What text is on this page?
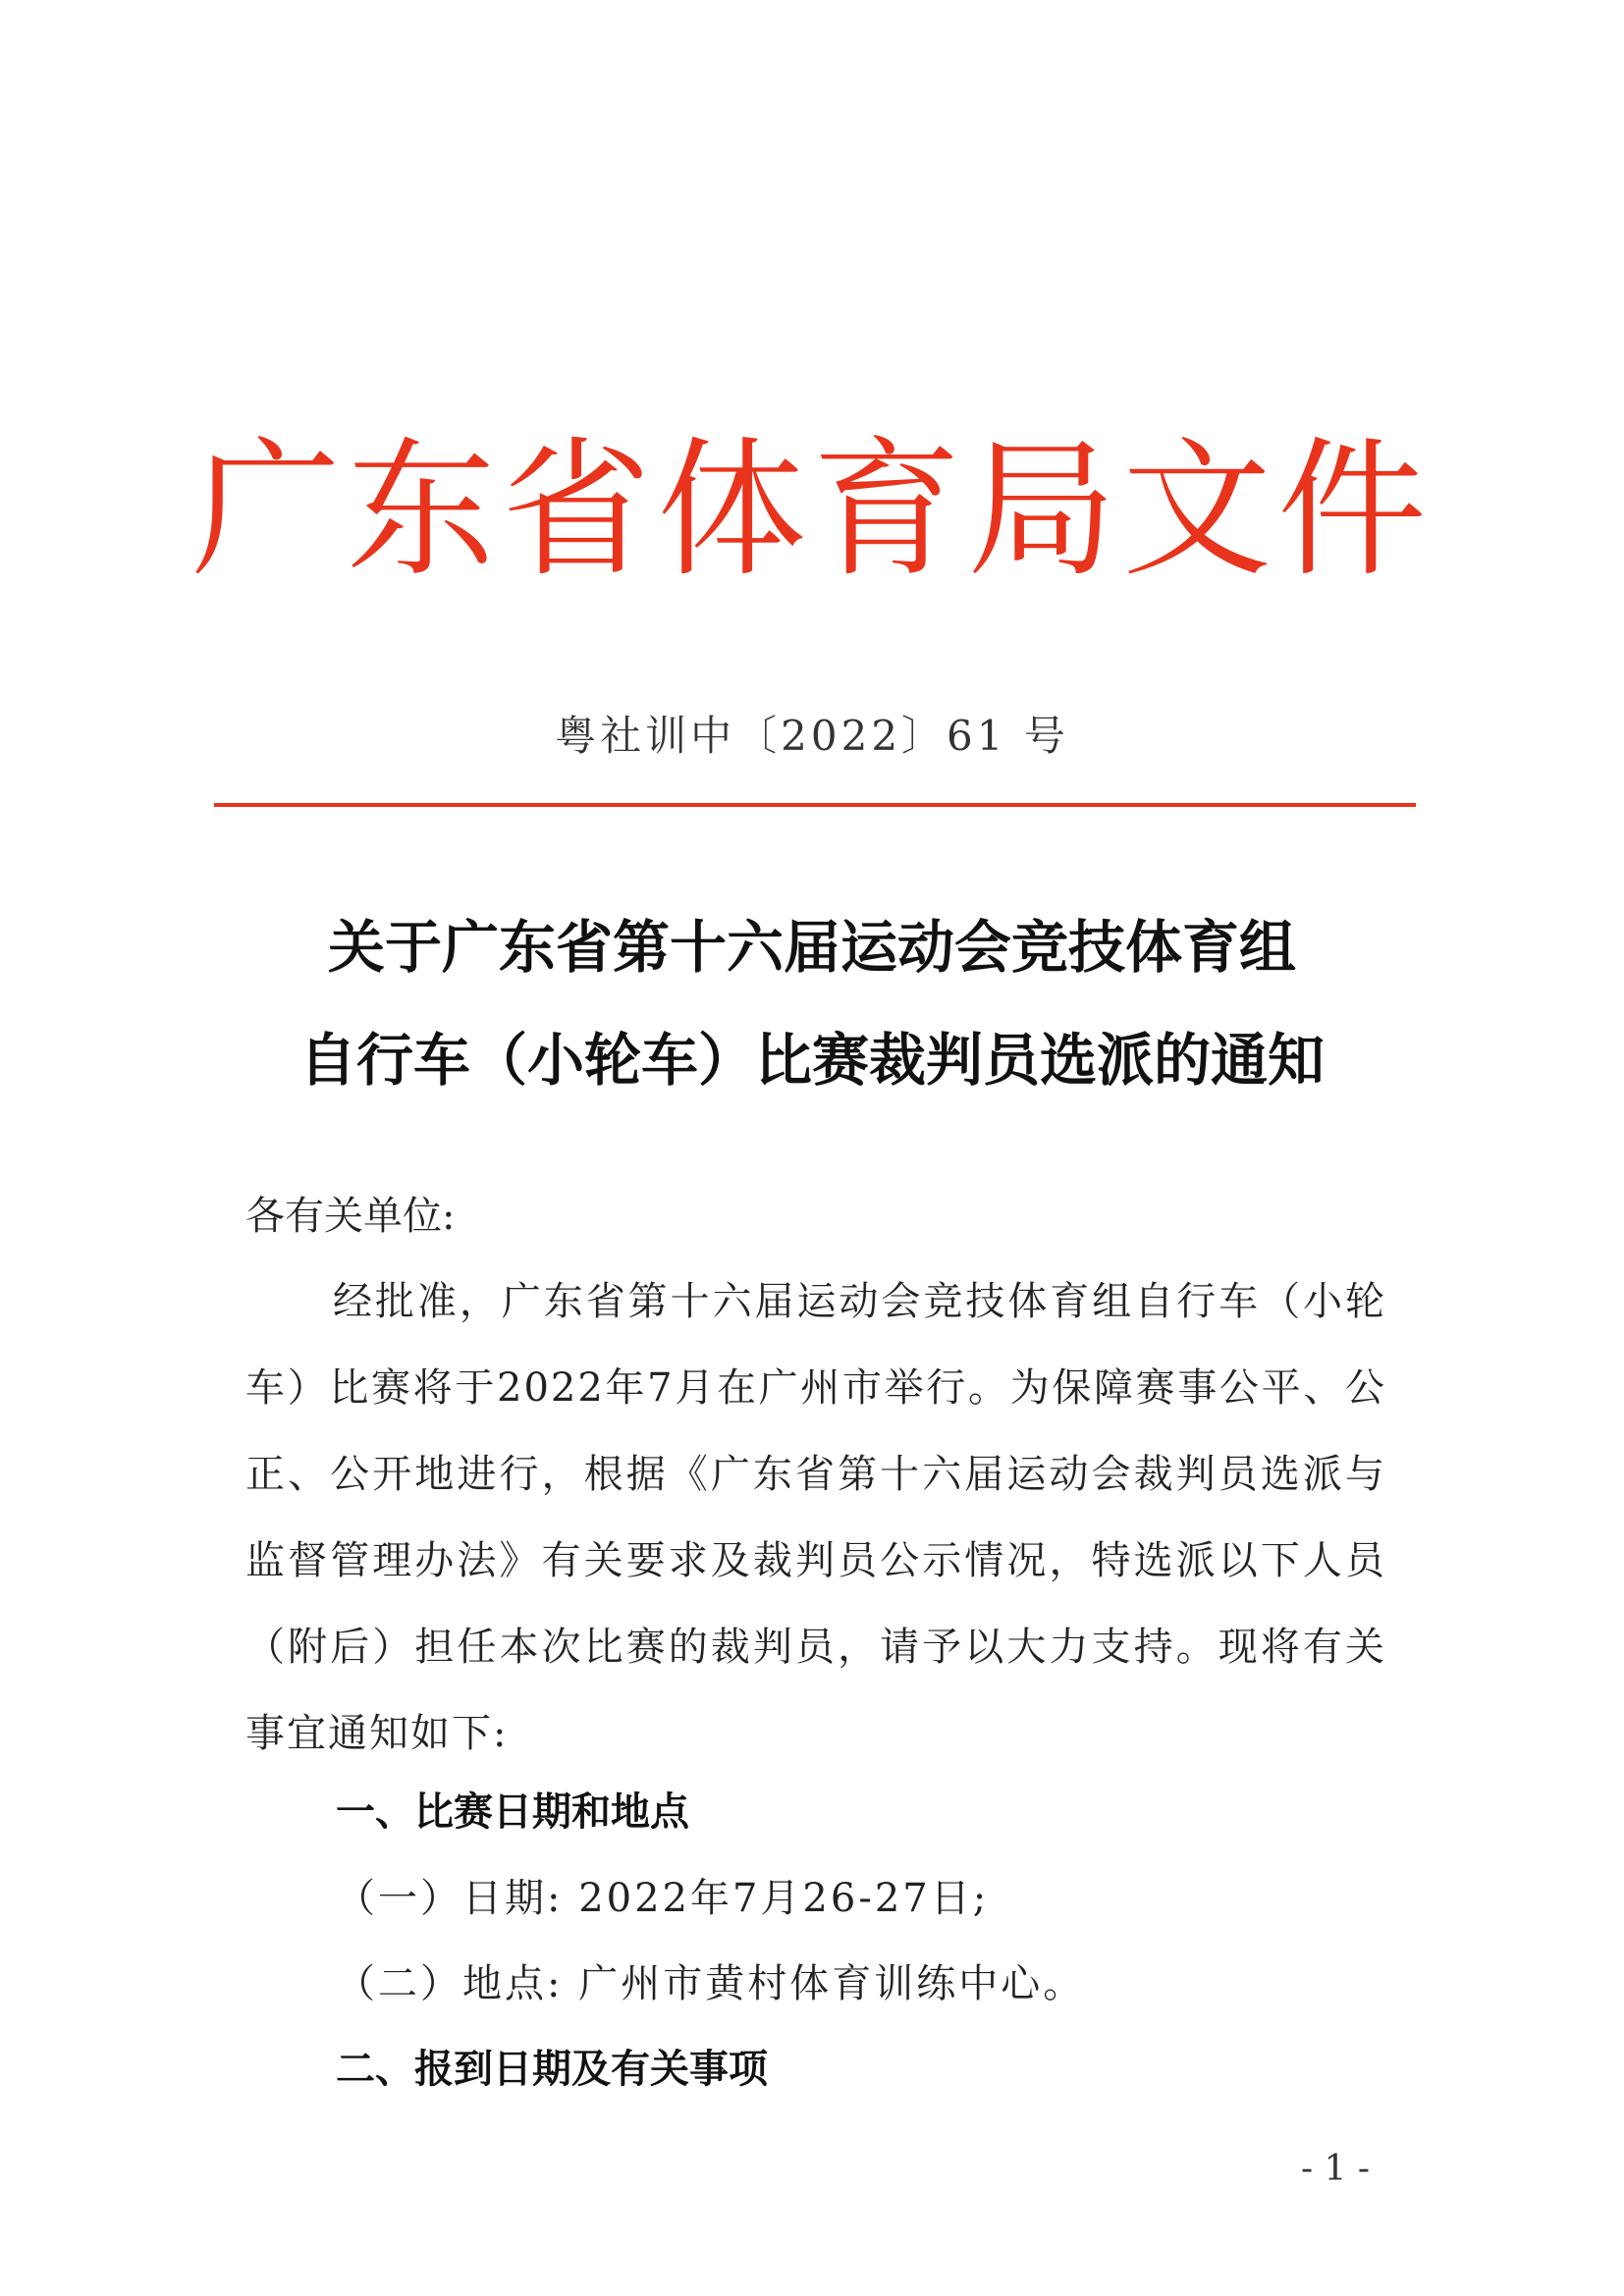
广东省体育局文件
粤社训中〔2022〕61 号
关于广东省第十六届运动会竞技体育组
自行车（小轮车）比赛裁判员选派的通知
各有关单位:
经批准，广东省第十六届运动会竞技体育组自行车（小轮车）比赛将于2022年7月在广州市举行。为保障赛事公平、公正、公开地进行，根据《广东省第十六届运动会裁判员选派与监督管理办法》有关要求及裁判员公示情况，特选派以下人员（附后）担任本次比赛的裁判员，请予以大力支持。现将有关事宜通知如下:
一、比赛日期和地点
（一）日期: 2022年7月26-27日;
（二）地点: 广州市黄村体育训练中心。
二、报到日期及有关事项
- 1 -
